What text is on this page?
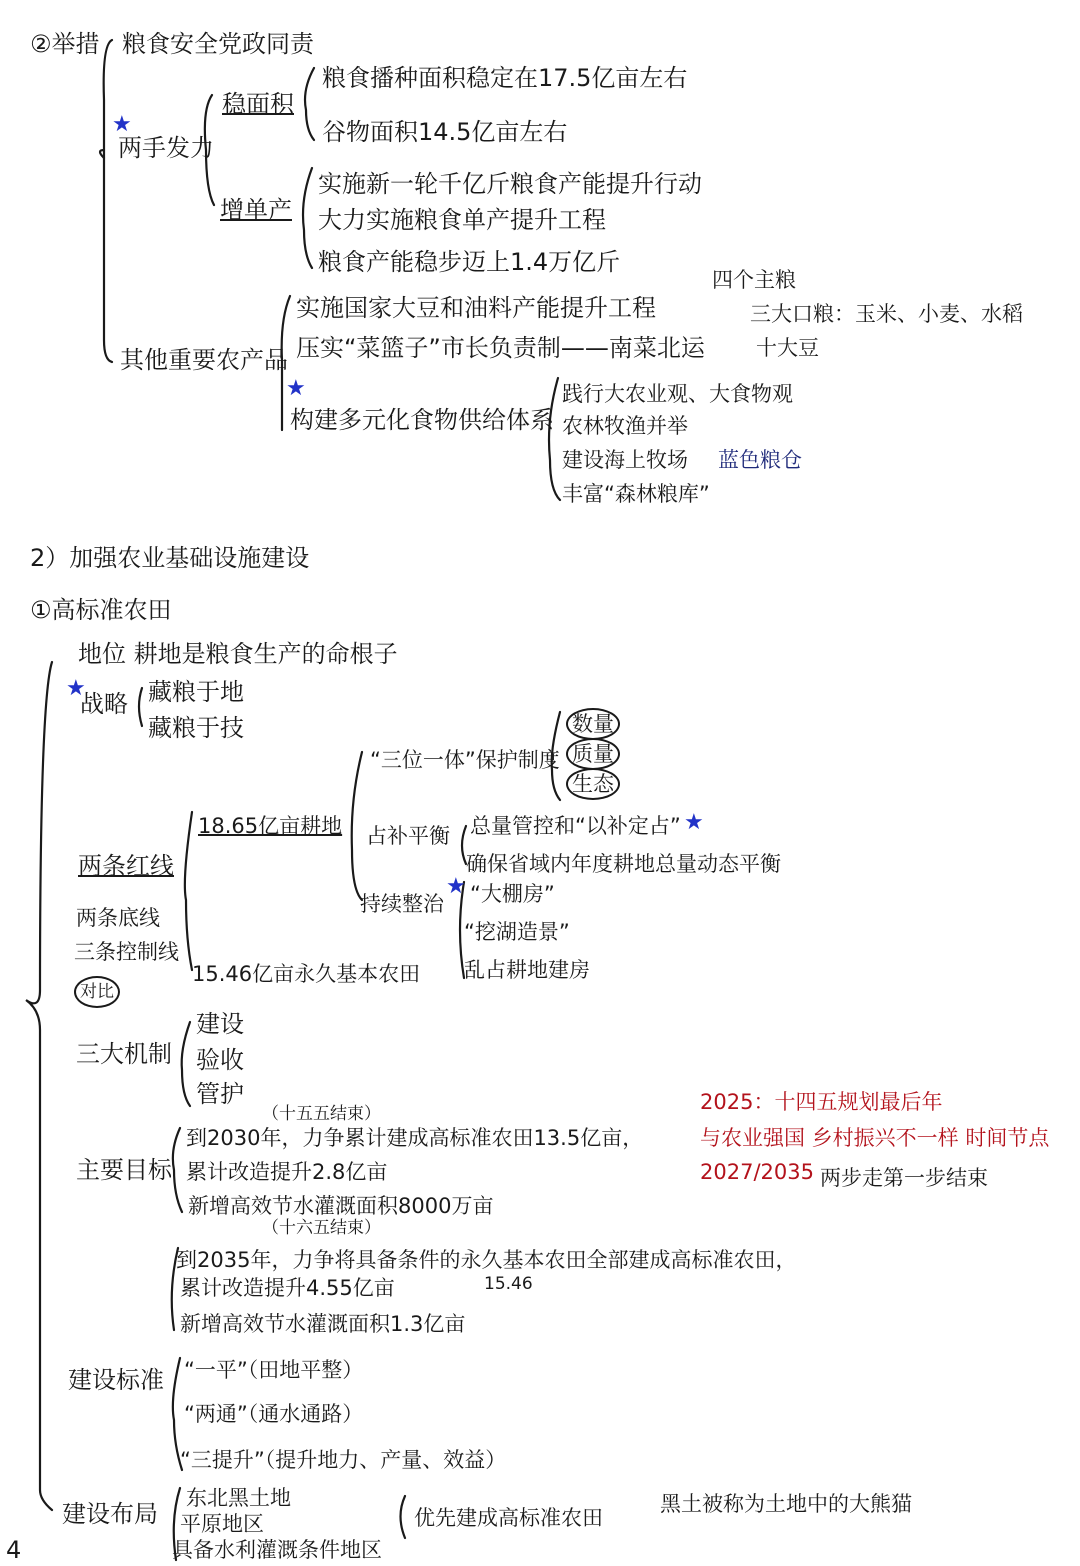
②举措 粮食安全党政同责
★
两手发力
稳面积
粮食播种面积稳定在17.5亿亩左右
谷物面积14.5亿亩左右
增单产
实施新一轮千亿斤粮食产能提升行动
大力实施粮食单产提升工程
粮食产能稳步迈上1.4万亿斤
其他重要农产品
实施国家大豆和油料产能提升工程
压实“菜篮子”市长负责制——南菜北运
★
构建多元化食物供给体系
践行大农业观、大食物观
农林牧渔并举
建设海上牧场 蓝色粮仓
丰富“森林粮库”
四个主粮
三大口粮：玉米、小麦、水稻
十大豆
2）加强农业基础设施建设
①高标准农田
地位 耕地是粮食生产的命根子
★
战略 藏粮于地
藏粮于技
两条红线
两条底线
三条控制线
对比
18.65亿亩耕地
15.46亿亩永久基本农田
“三位一体”保护制度
数量
质量
生态
占补平衡 总量管控和“以补定占” ★
确保省域内年度耕地总量动态平衡
持续整治
★ “大棚房”
“挖湖造景”
乱占耕地建房
三大机制
建设
验收
管护
（十五五结束）
主要目标
到2030年，力争累计建成高标准农田13.5亿亩，
累计改造提升2.8亿亩
新增高效节水灌溉面积8000万亩
（十六五结束）
到2035年，力争将具备条件的永久基本农田全部建成高标准农田，
15.46
累计改造提升4.55亿亩
新增高效节水灌溉面积1.3亿亩
2025：十四五规划最后年
与农业强国 乡村振兴不一样 时间节点
2027/2035 两步走第一步结束
建设标准 “一平”（田地平整）
“两通”（通水通路）
“三提升”（提升地力、产量、效益）
建设布局
东北黑土地
平原地区
具备水利灌溉条件地区
优先建成高标准农田
黑土被称为土地中的大熊猫
4
